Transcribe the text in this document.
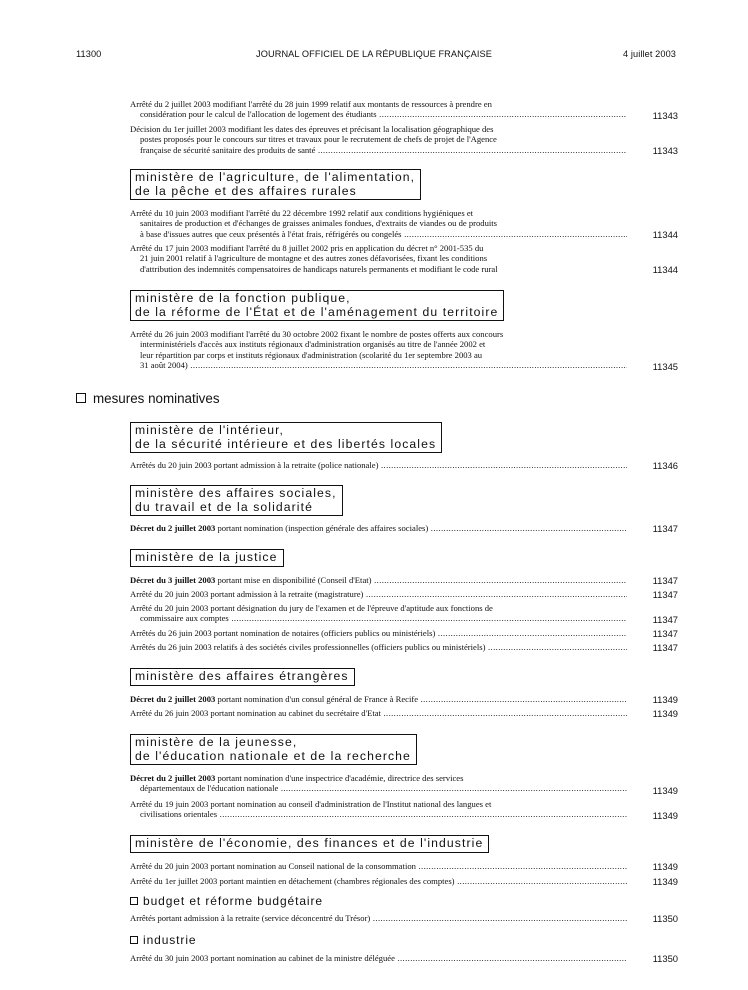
11300	JOURNAL OFFICIEL DE LA RÉPUBLIQUE FRANÇAISE	4 juillet 2003
Arrêté du 2 juillet 2003 modifiant l'arrêté du 28 juin 1999 relatif aux montants de ressources à prendre en
considération pour le calcul de l'allocation de logement des étudiants .....	11343
Décision du 1er juillet 2003 modifiant les dates des épreuves et précisant la localisation géographique des
postes proposés pour le concours sur titres et travaux pour le recrutement de chefs de projet de l'Agence
française de sécurité sanitaire des produits de santé .....	11343
ministère de l'agriculture, de l'alimentation,
de la pêche et des affaires rurales
Arrêté du 10 juin 2003 modifiant l'arrêté du 22 décembre 1992 relatif aux conditions hygiéniques et
sanitaires de production et d'échanges de graisses animales fondues, d'extraits de viandes ou de produits
à base d'issues autres que ceux présentés à l'état frais, réfrigérés ou congelés .....	11344
Arrêté du 17 juin 2003 modifiant l'arrêté du 8 juillet 2002 pris en application du décret n° 2001-535 du
21 juin 2001 relatif à l'agriculture de montagne et des autres zones défavorisées, fixant les conditions
d'attribution des indemnités compensatoires de handicaps naturels permanents et modifiant le code rural	11344
ministère de la fonction publique,
de la réforme de l'État et de l'aménagement du territoire
Arrêté du 26 juin 2003 modifiant l'arrêté du 30 octobre 2002 fixant le nombre de postes offerts aux concours
interministériels d'accès aux instituts régionaux d'administration organisés au titre de l'année 2002 et
leur répartition par corps et instituts régionaux d'administration (scolarité du 1er septembre 2003 au
31 août 2004) .....	11345
mesures nominatives
ministère de l'intérieur,
de la sécurité intérieure et des libertés locales
Arrêtés du 20 juin 2003 portant admission à la retraite (police nationale) .....	11346
ministère des affaires sociales,
du travail et de la solidarité
Décret du 2 juillet 2003 portant nomination (inspection générale des affaires sociales) .....	11347
ministère de la justice
Décret du 3 juillet 2003 portant mise en disponibilité (Conseil d'Etat) .....	11347
Arrêté du 20 juin 2003 portant admission à la retraite (magistrature) .....	11347
Arrêté du 20 juin 2003 portant désignation du jury de l'examen et de l'épreuve d'aptitude aux fonctions de
commissaire aux comptes .....	11347
Arrêtés du 26 juin 2003 portant nomination de notaires (officiers publics ou ministériels) .....	11347
Arrêtés du 26 juin 2003 relatifs à des sociétés civiles professionnelles (officiers publics ou ministériels) .....	11347
ministère des affaires étrangères
Décret du 2 juillet 2003 portant nomination d'un consul général de France à Recife .....	11349
Arrêté du 26 juin 2003 portant nomination au cabinet du secrétaire d'Etat .....	11349
ministère de la jeunesse,
de l'éducation nationale et de la recherche
Décret du 2 juillet 2003 portant nomination d'une inspectrice d'académie, directrice des services
départementaux de l'éducation nationale .....	11349
Arrêté du 19 juin 2003 portant nomination au conseil d'administration de l'Institut national des langues et
civilisations orientales .....	11349
ministère de l'économie, des finances et de l'industrie
Arrêté du 20 juin 2003 portant nomination au Conseil national de la consommation .....	11349
Arrêté du 1er juillet 2003 portant maintien en détachement (chambres régionales des comptes) .....	11349
budget et réforme budgétaire
Arrêtés portant admission à la retraite (service déconcentré du Trésor) .....	11350
industrie
Arrêté du 30 juin 2003 portant nomination au cabinet de la ministre déléguée .....	11350
